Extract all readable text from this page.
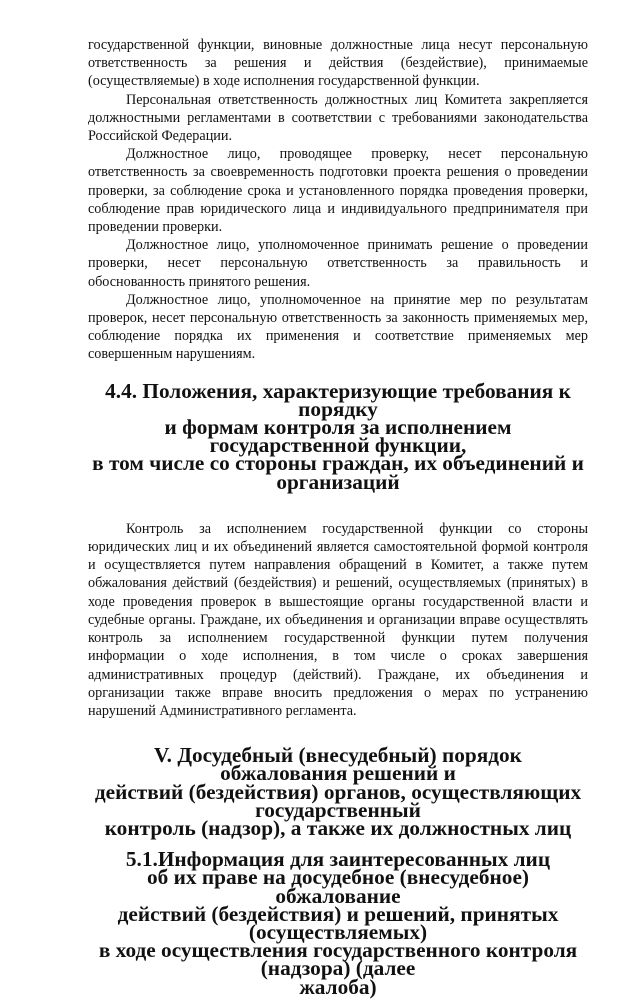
государственной функции, виновные должностные лица несут персональную ответственность за решения и действия (бездействие), принимаемые (осуществляемые) в ходе исполнения государственной функции.

Персональная ответственность должностных лиц Комитета закрепляется должностными регламентами в соответствии с требованиями законодательства Российской Федерации.

Должностное лицо, проводящее проверку, несет персональную ответственность за своевременность подготовки проекта решения о проведении проверки, за соблюдение срока и установленного порядка проведения проверки, соблюдение прав юридического лица и индивидуального предпринимателя при проведении проверки.

Должностное лицо, уполномоченное принимать решение о проведении проверки, несет персональную ответственность за правильность и обоснованность принятого решения.

Должностное лицо, уполномоченное на принятие мер по результатам проверок, несет персональную ответственность за законность применяемых мер, соблюдение порядка их применения и соответствие применяемых мер совершенным нарушениям.

4.4. Положения, характеризующие требования к порядку
и формам контроля за исполнением государственной функции,
в том числе со стороны граждан, их объединений и организаций

Контроль за исполнением государственной функции со стороны юридических лиц и их объединений является самостоятельной формой контроля и осуществляется путем направления обращений в Комитет, а также путем обжалования действий (бездействия) и решений, осуществляемых (принятых) в ходе проведения проверок в вышестоящие органы государственной власти и судебные органы. Граждане, их объединения и организации вправе осуществлять контроль за исполнением государственной функции путем получения информации о ходе исполнения, в том числе о сроках завершения административных процедур (действий). Граждане, их объединения и организации также вправе вносить предложения о мерах по устранению нарушений Административного регламента.

V. Досудебный (внесудебный) порядок обжалования решений и
действий (бездействия) органов, осуществляющих государственный
контроль (надзор), а также их должностных лиц
5.1.Информация для заинтересованных лиц
об их праве на досудебное (внесудебное) обжалование
действий (бездействия) и решений, принятых (осуществляемых)
в ходе осуществления государственного контроля (надзора) (далее
жалоба)
